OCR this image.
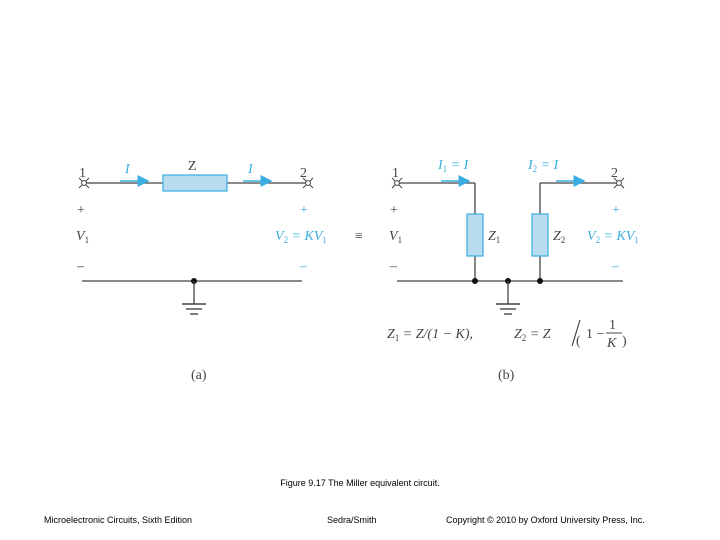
1	2
I	I
Z
+	+
$V_1$	$V_2 = KV_1$
–	–
(a)
≡
1	2
$I_1 = I$	$I_2 = I$
+	+
$V_1$	$Z_1$	$Z_2$ $V_2 = KV_1$
–	–
$Z_1 = Z/(1 - K)$,	$Z_2 = Z$ ( 1 −
1
K )
(b)
Figure 9.17 The Miller equivalent circuit.
Microelectronic Circuits, Sixth Edition	Sedra/Smith	Copyright © 2010 by Oxford University Press, Inc.
